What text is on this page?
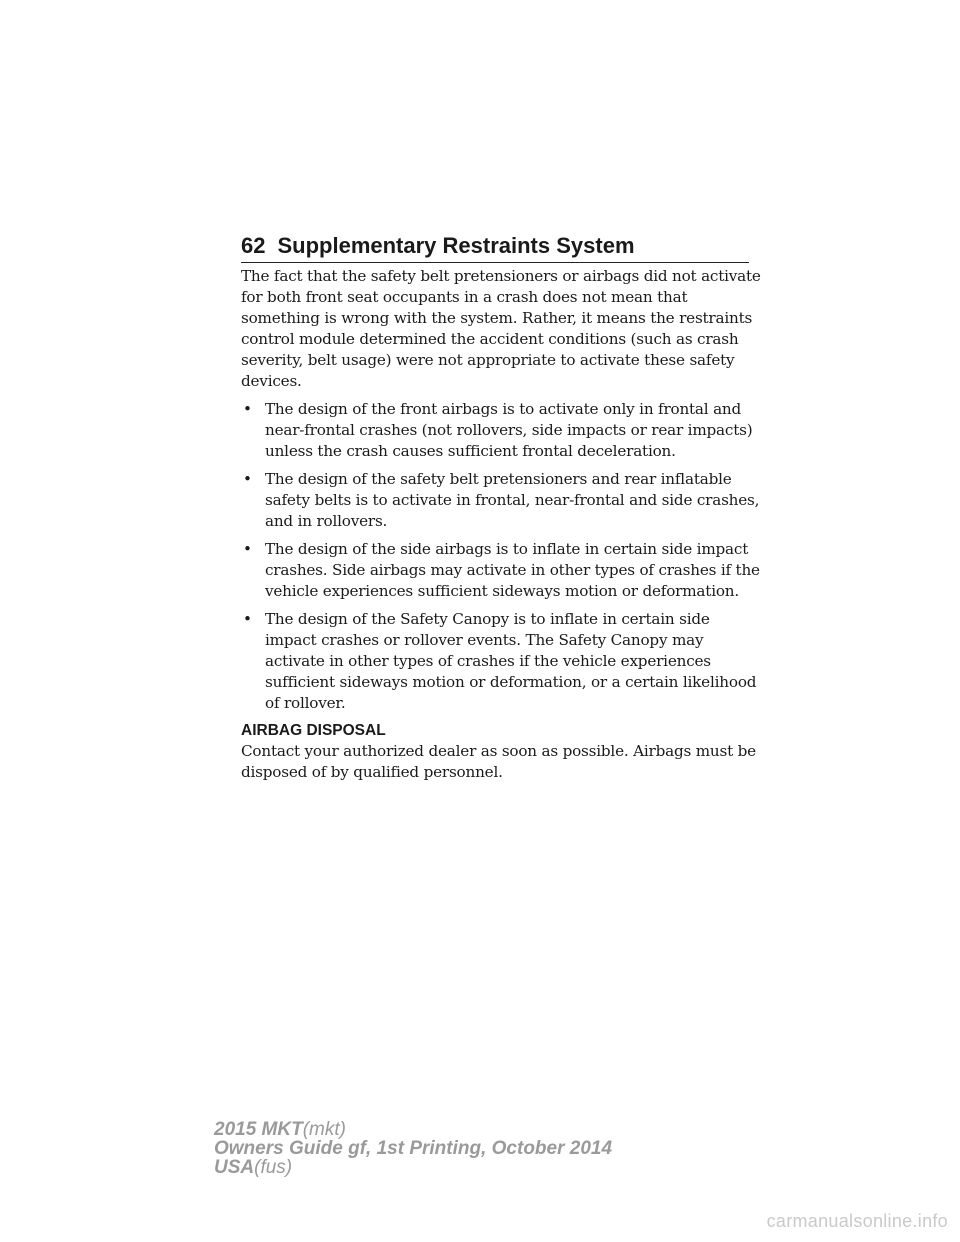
62 Supplementary Restraints System

The fact that the safety belt pretensioners or airbags did not activate for both front seat occupants in a crash does not mean that something is wrong with the system. Rather, it means the restraints control module determined the accident conditions (such as crash severity, belt usage) were not appropriate to activate these safety devices.

• The design of the front airbags is to activate only in frontal and near-frontal crashes (not rollovers, side impacts or rear impacts) unless the crash causes sufficient frontal deceleration.
• The design of the safety belt pretensioners and rear inflatable safety belts is to activate in frontal, near-frontal and side crashes, and in rollovers.
• The design of the side airbags is to inflate in certain side impact crashes. Side airbags may activate in other types of crashes if the vehicle experiences sufficient sideways motion or deformation.
• The design of the Safety Canopy is to inflate in certain side impact crashes or rollover events. The Safety Canopy may activate in other types of crashes if the vehicle experiences sufficient sideways motion or deformation, or a certain likelihood of rollover.

AIRBAG DISPOSAL

Contact your authorized dealer as soon as possible. Airbags must be disposed of by qualified personnel.

2015 MKT(mkt)
Owners Guide gf, 1st Printing, October 2014
USA(fus)
carmanualsonline.info
